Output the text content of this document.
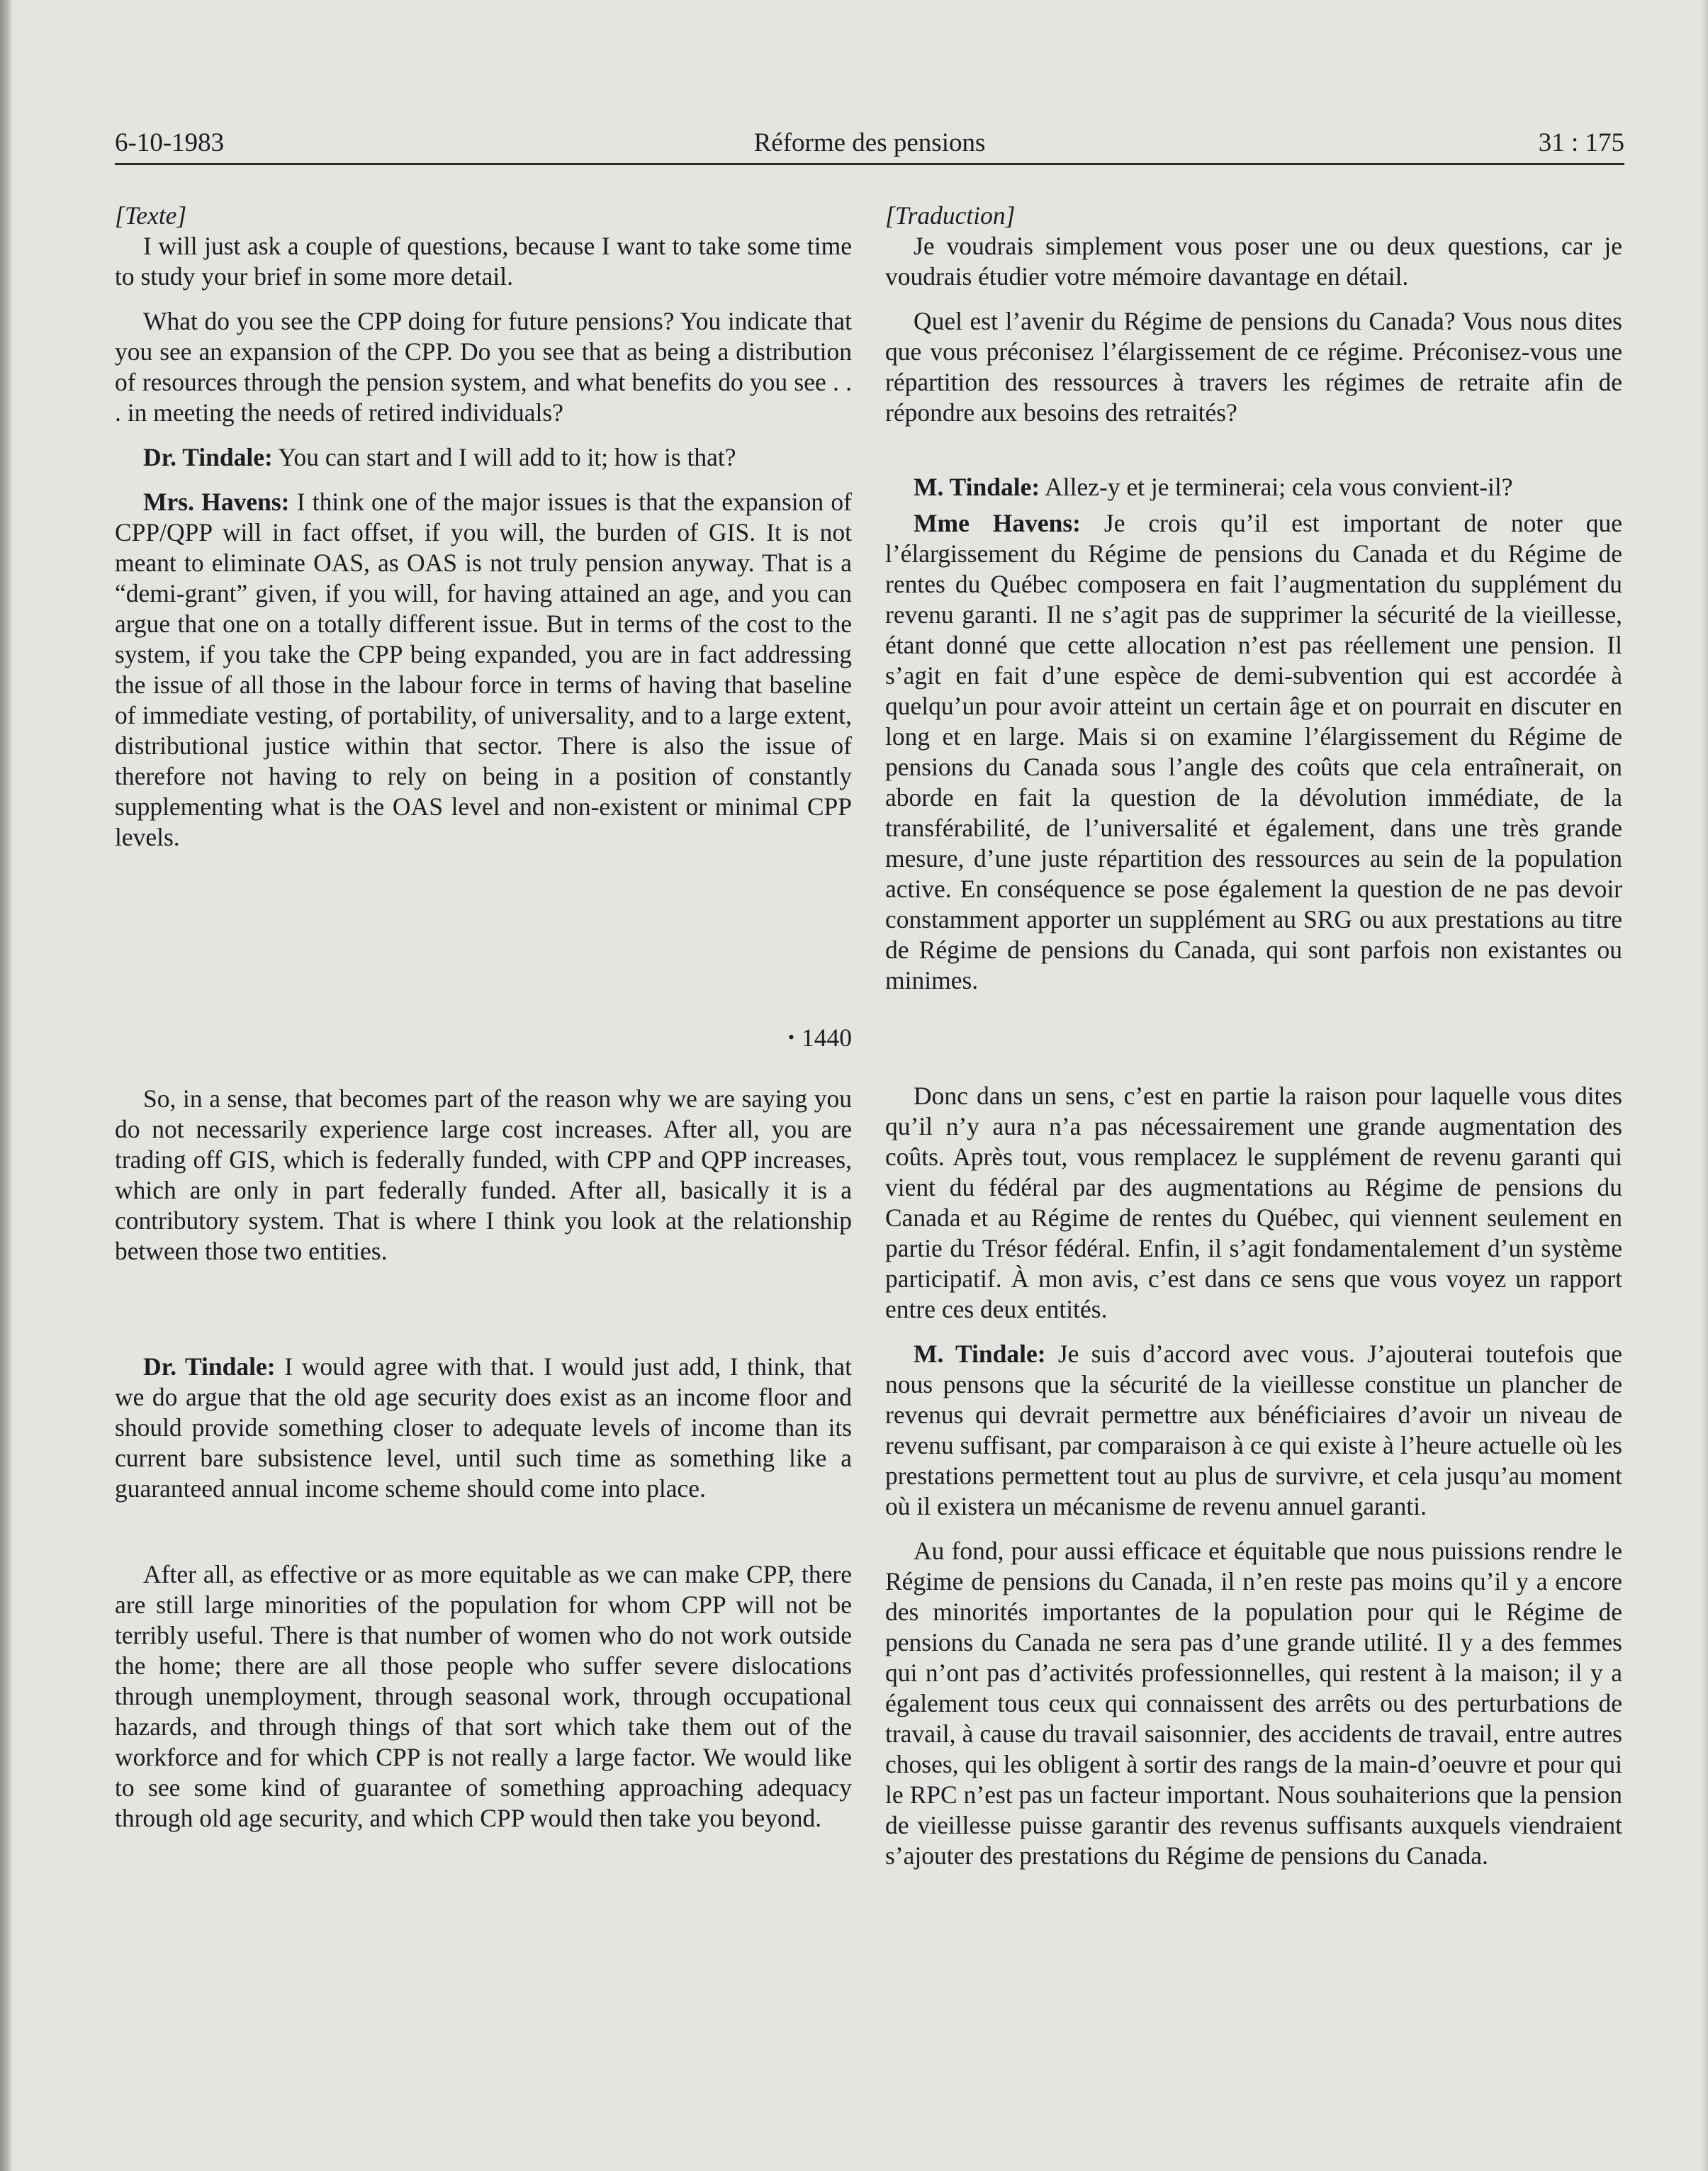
6-10-1983	Réforme des pensions	31 : 175

[Texte]

I will just ask a couple of questions, because I want to take some time to study your brief in some more detail.

What do you see the CPP doing for future pensions? You indicate that you see an expansion of the CPP. Do you see that as being a distribution of resources through the pension system, and what benefits do you see . . . in meeting the needs of retired individuals?

Dr. Tindale: You can start and I will add to it; how is that?

Mrs. Havens: I think one of the major issues is that the expansion of CPP/QPP will in fact offset, if you will, the burden of GIS. It is not meant to eliminate OAS, as OAS is not truly pension anyway. That is a “demi-grant” given, if you will, for having attained an age, and you can argue that one on a totally different issue. But in terms of the cost to the system, if you take the CPP being expanded, you are in fact addressing the issue of all those in the labour force in terms of having that baseline of immediate vesting, of portability, of universality, and to a large extent, distributional justice within that sector. There is also the issue of therefore not having to rely on being in a position of constantly supplementing what is the OAS level and non-existent or minimal CPP levels.

• 1440

So, in a sense, that becomes part of the reason why we are saying you do not necessarily experience large cost increases. After all, you are trading off GIS, which is federally funded, with CPP and QPP increases, which are only in part federally funded. After all, basically it is a contributory system. That is where I think you look at the relationship between those two entities.

Dr. Tindale: I would agree with that. I would just add, I think, that we do argue that the old age security does exist as an income floor and should provide something closer to adequate levels of income than its current bare subsistence level, until such time as something like a guaranteed annual income scheme should come into place.

After all, as effective or as more equitable as we can make CPP, there are still large minorities of the population for whom CPP will not be terribly useful. There is that number of women who do not work outside the home; there are all those people who suffer severe dislocations through unemployment, through seasonal work, through occupational hazards, and through things of that sort which take them out of the workforce and for which CPP is not really a large factor. We would like to see some kind of guarantee of something approaching adequacy through old age security, and which CPP would then take you beyond.

[Traduction]

Je voudrais simplement vous poser une ou deux questions, car je voudrais étudier votre mémoire davantage en détail.

Quel est l’avenir du Régime de pensions du Canada? Vous nous dites que vous préconisez l’élargissement de ce régime. Préconisez-vous une répartition des ressources à travers les régimes de retraite afin de répondre aux besoins des retraités?

M. Tindale: Allez-y et je terminerai; cela vous convient-il?

Mme Havens: Je crois qu’il est important de noter que l’élargissement du Régime de pensions du Canada et du Régime de rentes du Québec composera en fait l’augmentation du supplément du revenu garanti. Il ne s’agit pas de supprimer la sécurité de la vieillesse, étant donné que cette allocation n’est pas réellement une pension. Il s’agit en fait d’une espèce de demi-subvention qui est accordée à quelqu’un pour avoir atteint un certain âge et on pourrait en discuter en long et en large. Mais si on examine l’élargissement du Régime de pensions du Canada sous l’angle des coûts que cela entraînerait, on aborde en fait la question de la dévolution immédiate, de la transférabilité, de l’universalité et également, dans une très grande mesure, d’une juste répartition des ressources au sein de la population active. En conséquence se pose également la question de ne pas devoir constamment apporter un supplément au SRG ou aux prestations au titre de Régime de pensions du Canada, qui sont parfois non existantes ou minimes.

Donc dans un sens, c’est en partie la raison pour laquelle vous dites qu’il n’y aura n’a pas nécessairement une grande augmentation des coûts. Après tout, vous remplacez le supplément de revenu garanti qui vient du fédéral par des augmentations au Régime de pensions du Canada et au Régime de rentes du Québec, qui viennent seulement en partie du Trésor fédéral. Enfin, il s’agit fondamentalement d’un système participatif. À mon avis, c’est dans ce sens que vous voyez un rapport entre ces deux entités.

M. Tindale: Je suis d’accord avec vous. J’ajouterai toutefois que nous pensons que la sécurité de la vieillesse constitue un plancher de revenus qui devrait permettre aux bénéficiaires d’avoir un niveau de revenu suffisant, par comparaison à ce qui existe à l’heure actuelle où les prestations permettent tout au plus de survivre, et cela jusqu’au moment où il existera un mécanisme de revenu annuel garanti.

Au fond, pour aussi efficace et équitable que nous puissions rendre le Régime de pensions du Canada, il n’en reste pas moins qu’il y a encore des minorités importantes de la population pour qui le Régime de pensions du Canada ne sera pas d’une grande utilité. Il y a des femmes qui n’ont pas d’activités professionnelles, qui restent à la maison; il y a également tous ceux qui connaissent des arrêts ou des perturbations de travail, à cause du travail saisonnier, des accidents de travail, entre autres choses, qui les obligent à sortir des rangs de la main-d’oeuvre et pour qui le RPC n’est pas un facteur important. Nous souhaiterions que la pension de vieillesse puisse garantir des revenus suffisants auxquels viendraient s’ajouter des prestations du Régime de pensions du Canada.
